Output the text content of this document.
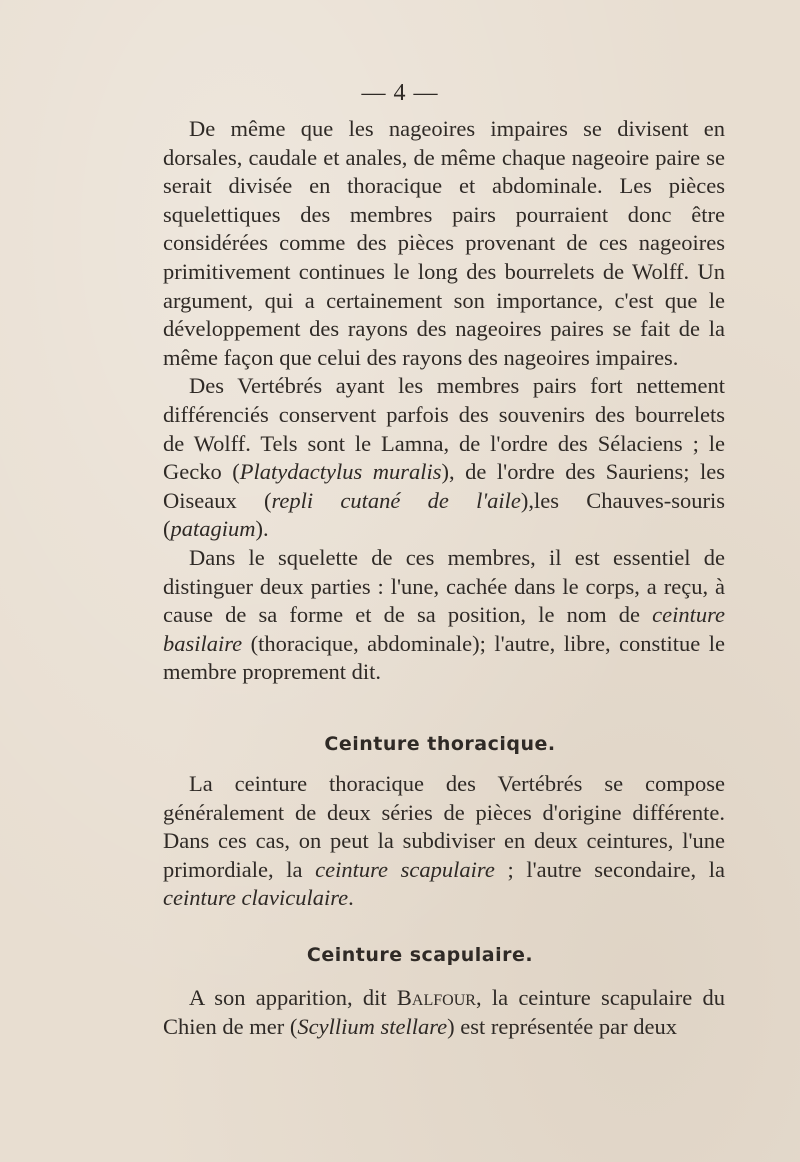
— 4 —

De même que les nageoires impaires se divisent en dorsales, caudale et anales, de même chaque nageoire paire se serait divisée en thoracique et abdominale. Les pièces squelettiques des membres pairs pourraient donc être considérées comme des pièces provenant de ces nageoires primitivement continues le long des bourrelets de Wolff. Un argument, qui a certainement son importance, c'est que le développement des rayons des nageoires paires se fait de la même façon que celui des rayons des nageoires impaires.

Des Vertébrés ayant les membres pairs fort nettement différenciés conservent parfois des souvenirs des bourrelets de Wolff. Tels sont le Lamna, de l'ordre des Sélaciens ; le Gecko (Platydactylus muralis), de l'ordre des Sauriens; les Oiseaux (repli cutané de l'aile),les Chauves-souris (patagium).

Dans le squelette de ces membres, il est essentiel de distinguer deux parties : l'une, cachée dans le corps, a reçu, à cause de sa forme et de sa position, le nom de ceinture basilaire (thoracique, abdominale); l'autre, libre, constitue le membre proprement dit.

Ceinture thoracique.

La ceinture thoracique des Vertébrés se compose généralement de deux séries de pièces d'origine différente. Dans ces cas, on peut la subdiviser en deux ceintures, l'une primordiale, la ceinture scapulaire ; l'autre secondaire, la ceinture claviculaire.

Ceinture scapulaire.

A son apparition, dit Balfour, la ceinture scapulaire du Chien de mer (Scyllium stellare) est représentée par deux
